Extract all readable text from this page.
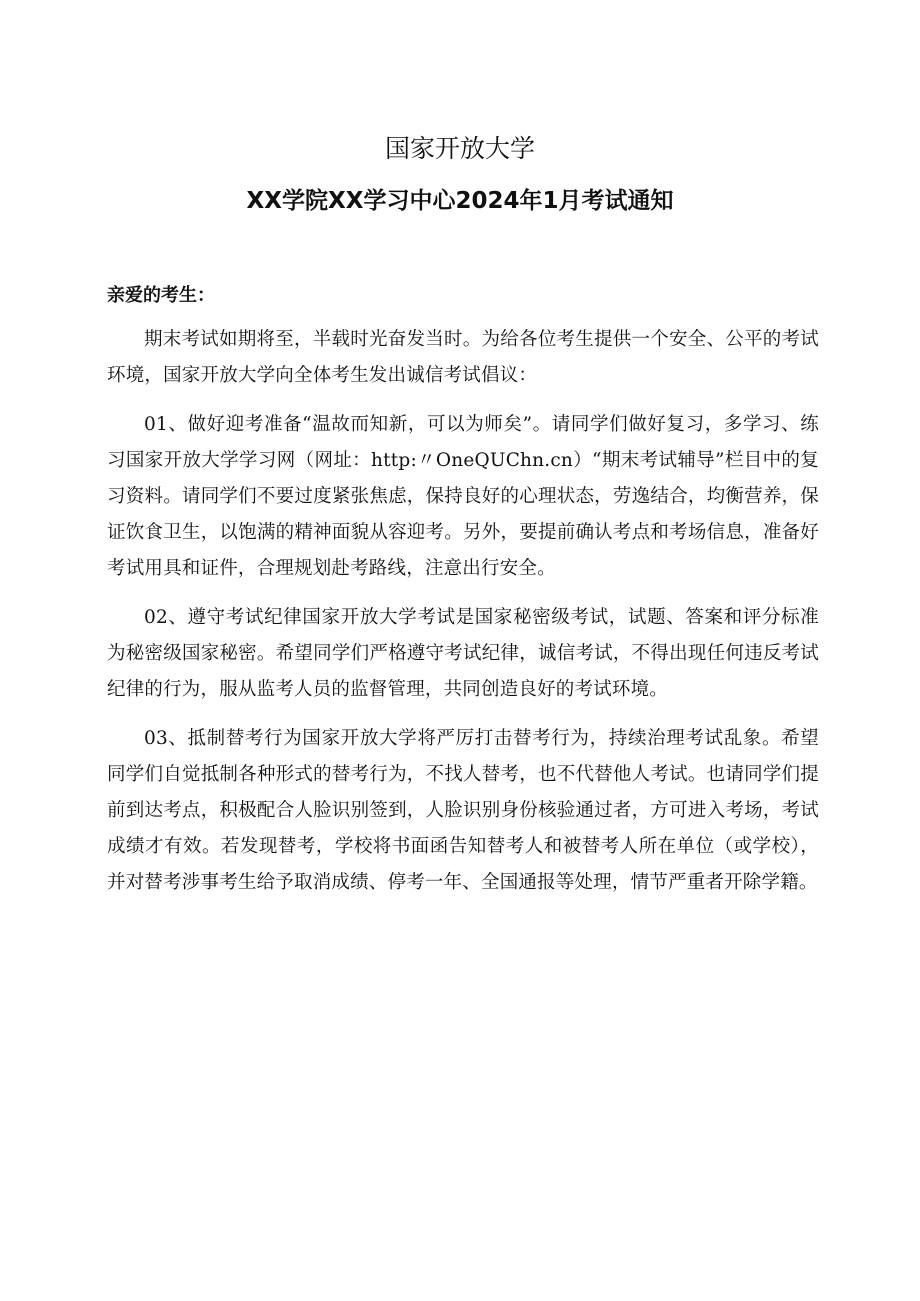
国家开放大学
XX学院XX学习中心2024年1月考试通知

亲爱的考生：

期末考试如期将至，半载时光奋发当时。为给各位考生提供一个安全、公平的考试环境，国家开放大学向全体考生发出诚信考试倡议：

01、做好迎考准备“温故而知新，可以为师矣”。请同学们做好复习，多学习、练习国家开放大学学习网（网址：http:〃OneQUChn.cn）“期末考试辅导”栏目中的复习资料。请同学们不要过度紧张焦虑，保持良好的心理状态，劳逸结合，均衡营养，保证饮食卫生，以饱满的精神面貌从容迎考。另外，要提前确认考点和考场信息，准备好考试用具和证件，合理规划赴考路线，注意出行安全。

02、遵守考试纪律国家开放大学考试是国家秘密级考试，试题、答案和评分标准为秘密级国家秘密。希望同学们严格遵守考试纪律，诚信考试，不得出现任何违反考试纪律的行为，服从监考人员的监督管理，共同创造良好的考试环境。

03、抵制替考行为国家开放大学将严厉打击替考行为，持续治理考试乱象。希望同学们自觉抵制各种形式的替考行为，不找人替考，也不代替他人考试。也请同学们提前到达考点，积极配合人脸识别签到，人脸识别身份核验通过者，方可进入考场，考试成绩才有效。若发现替考，学校将书面函告知替考人和被替考人所在单位（或学校），并对替考涉事考生给予取消成绩、停考一年、全国通报等处理，情节严重者开除学籍。
